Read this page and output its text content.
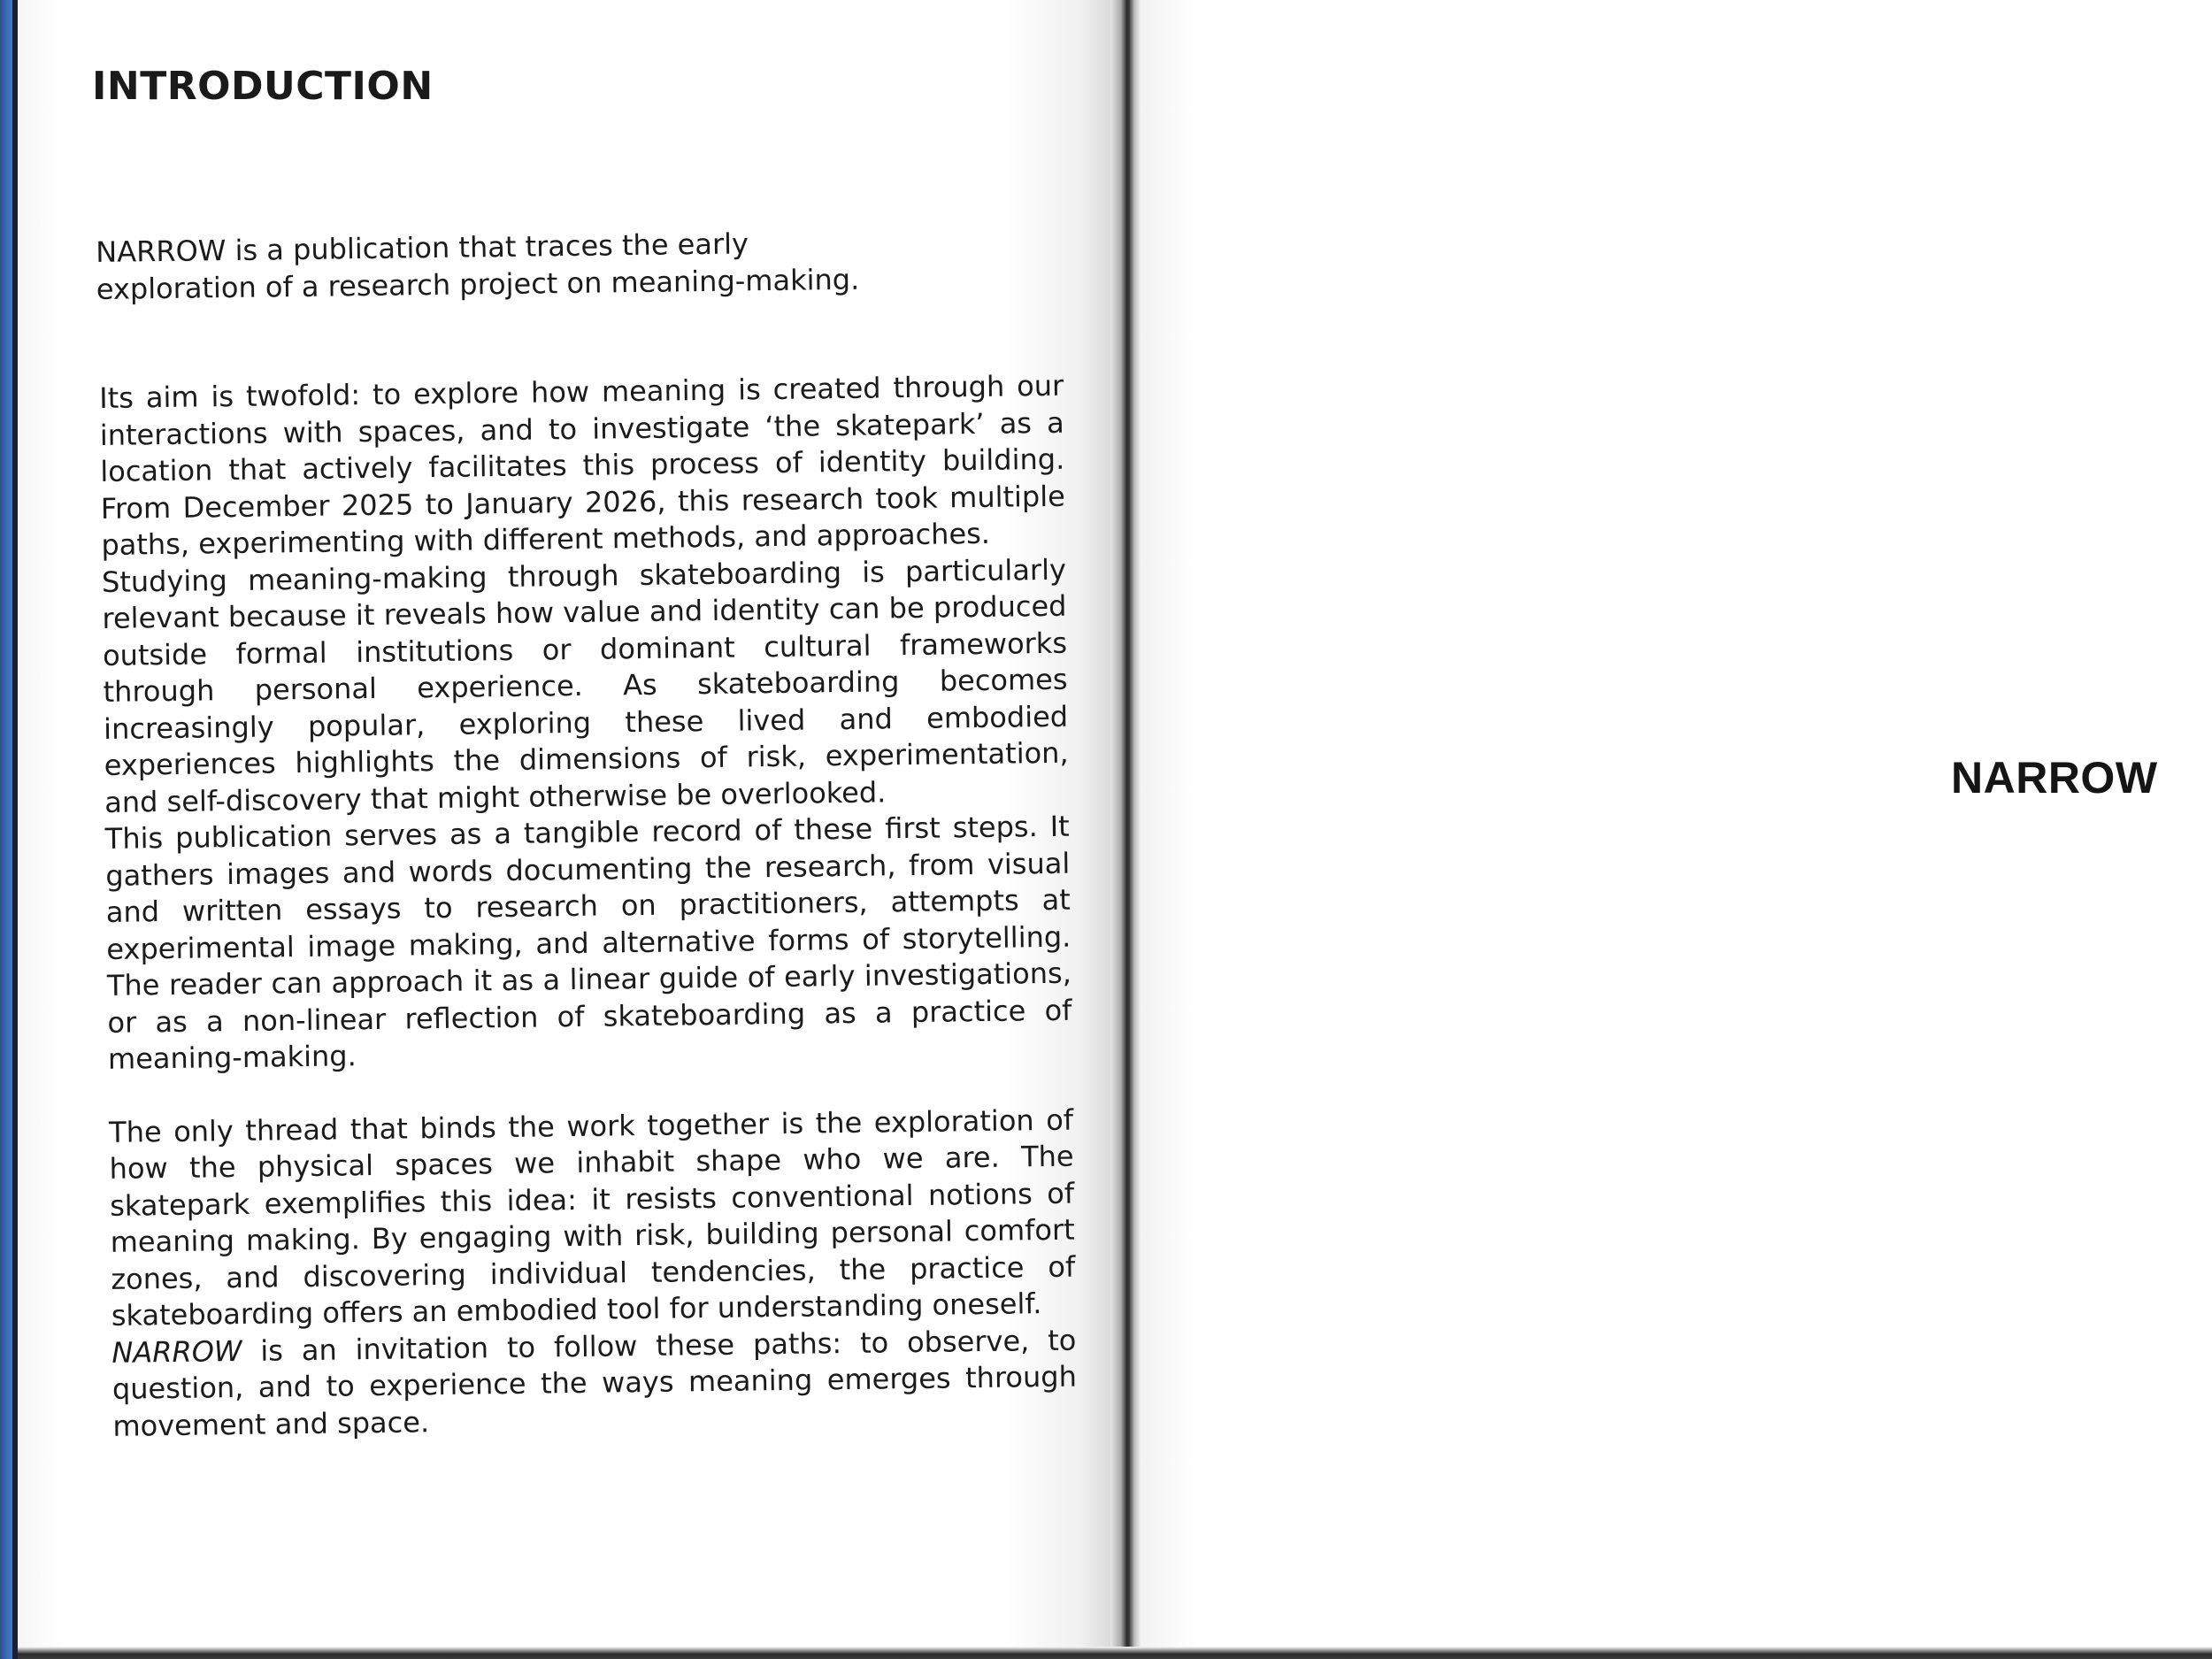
INTRODUCTION

NARROW is a publication that traces the early exploration of a research project on meaning-making.

Its aim is twofold: to explore how meaning is created through our interactions with spaces, and to investigate ‘the skatepark’ as a location that actively facilitates this process of identity building. From December 2025 to January 2026, this research took multiple paths, experimenting with different methods, and approaches.

Studying meaning-making through skateboarding is particularly relevant because it reveals how value and identity can be produced outside formal institutions or dominant cultural frameworks through personal experience. As skateboarding becomes increasingly popular, exploring these lived and embodied experiences highlights the dimensions of risk, experimentation, and self-discovery that might otherwise be overlooked.

This publication serves as a tangible record of these first steps. It gathers images and words documenting the research, from visual and written essays to research on practitioners, attempts at experimental image making, and alternative forms of storytelling. The reader can approach it as a linear guide of early investigations, or as a non-linear reflection of skateboarding as a practice of meaning-making.

The only thread that binds the work together is the exploration of how the physical spaces we inhabit shape who we are. The skatepark exemplifies this idea: it resists conventional notions of meaning making. By engaging with risk, building personal comfort zones, and discovering individual tendencies, the practice of skateboarding offers an embodied tool for understanding oneself.

NARROW is an invitation to follow these paths: to observe, to question, and to experience the ways meaning emerges through movement and space.

NARROW
